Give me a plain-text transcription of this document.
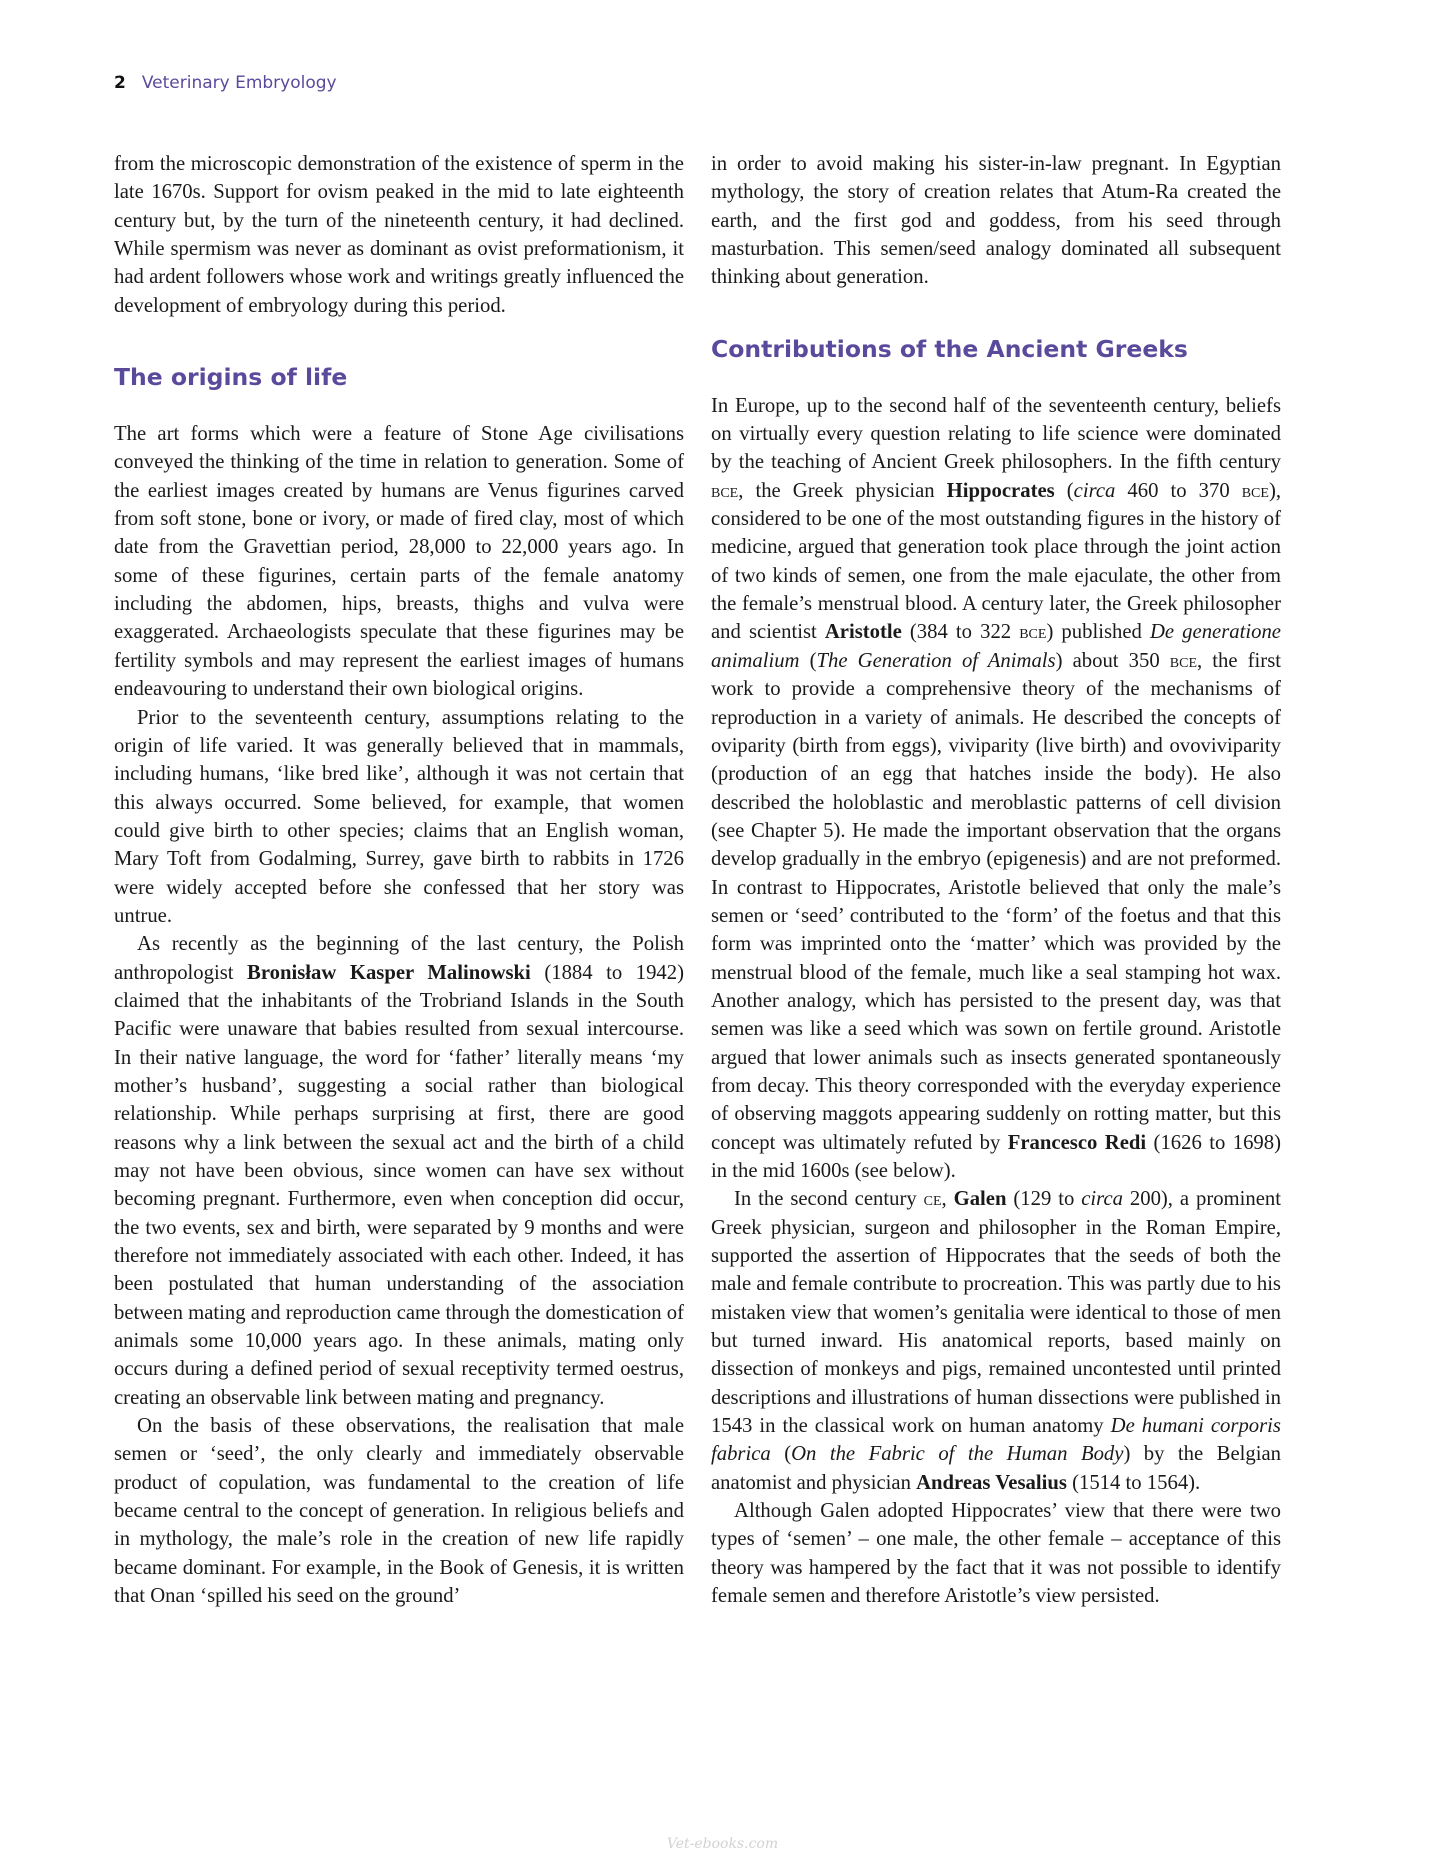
2 Veterinary Embryology

from the microscopic demonstration of the existence of sperm in the late 1670s. Support for ovism peaked in the mid to late eighteenth century but, by the turn of the nineteenth century, it had declined. While spermism was never as dominant as ovist preformationism, it had ardent followers whose work and writings greatly influenced the development of embryology during this period.

The origins of life

The art forms which were a feature of Stone Age civilisations conveyed the thinking of the time in relation to generation. Some of the earliest images created by humans are Venus figurines carved from soft stone, bone or ivory, or made of fired clay, most of which date from the Gravettian period, 28,000 to 22,000 years ago. In some of these figurines, certain parts of the female anatomy including the abdomen, hips, breasts, thighs and vulva were exaggerated. Archaeologists speculate that these figurines may be fertility symbols and may represent the earliest images of humans endeavouring to understand their own biological origins.

Prior to the seventeenth century, assumptions relating to the origin of life varied. It was generally believed that in mammals, including humans, ‘like bred like’, although it was not certain that this always occurred. Some believed, for example, that women could give birth to other species; claims that an English woman, Mary Toft from Godalming, Surrey, gave birth to rabbits in 1726 were widely accepted before she confessed that her story was untrue.

As recently as the beginning of the last century, the Polish anthropologist Bronisław Kasper Malinowski (1884 to 1942) claimed that the inhabitants of the Trobriand Islands in the South Pacific were unaware that babies resulted from sexual intercourse. In their native language, the word for ‘father’ literally means ‘my mother’s husband’, suggesting a social rather than biological relationship. While perhaps surprising at first, there are good reasons why a link between the sexual act and the birth of a child may not have been obvious, since women can have sex without becoming pregnant. Furthermore, even when conception did occur, the two events, sex and birth, were separated by 9 months and were therefore not immediately associated with each other. Indeed, it has been postulated that human understanding of the association between mating and reproduction came through the domestication of animals some 10,000 years ago. In these animals, mating only occurs during a defined period of sexual receptivity termed oestrus, creating an observable link between mating and pregnancy.

On the basis of these observations, the realisation that male semen or ‘seed’, the only clearly and immediately observable product of copulation, was fundamental to the creation of life became central to the concept of generation. In religious beliefs and in mythology, the male’s role in the creation of new life rapidly became dominant. For example, in the Book of Genesis, it is written that Onan ‘spilled his seed on the ground’

in order to avoid making his sister-in-law pregnant. In Egyptian mythology, the story of creation relates that Atum-Ra created the earth, and the first god and goddess, from his seed through masturbation. This semen/seed analogy dominated all subsequent thinking about generation.

Contributions of the Ancient Greeks

In Europe, up to the second half of the seventeenth century, beliefs on virtually every question relating to life science were dominated by the teaching of Ancient Greek philosophers. In the fifth century bce, the Greek physician Hippocrates (circa 460 to 370 bce), considered to be one of the most outstanding figures in the history of medicine, argued that generation took place through the joint action of two kinds of semen, one from the male ejaculate, the other from the female’s menstrual blood. A century later, the Greek philosopher and scientist Aristotle (384 to 322 bce) published De generatione animalium (The Generation of Animals) about 350 bce, the first work to provide a comprehensive theory of the mechanisms of reproduction in a variety of animals. He described the concepts of oviparity (birth from eggs), viviparity (live birth) and ovoviviparity (production of an egg that hatches inside the body). He also described the holoblastic and meroblastic patterns of cell division (see Chapter 5). He made the important observation that the organs develop gradually in the embryo (epigenesis) and are not preformed. In contrast to Hippocrates, Aristotle believed that only the male’s semen or ‘seed’ contributed to the ‘form’ of the foetus and that this form was imprinted onto the ‘matter’ which was provided by the menstrual blood of the female, much like a seal stamping hot wax. Another analogy, which has persisted to the present day, was that semen was like a seed which was sown on fertile ground. Aristotle argued that lower animals such as insects generated spontaneously from decay. This theory corresponded with the everyday experience of observing maggots appearing suddenly on rotting matter, but this concept was ultimately refuted by Francesco Redi (1626 to 1698) in the mid 1600s (see below).

In the second century ce, Galen (129 to circa 200), a prominent Greek physician, surgeon and philosopher in the Roman Empire, supported the assertion of Hippocrates that the seeds of both the male and female contribute to procreation. This was partly due to his mistaken view that women’s genitalia were identical to those of men but turned inward. His anatomical reports, based mainly on dissection of monkeys and pigs, remained uncontested until printed descriptions and illustrations of human dissections were published in 1543 in the classical work on human anatomy De humani corporis fabrica (On the Fabric of the Human Body) by the Belgian anatomist and physician Andreas Vesalius (1514 to 1564).

Although Galen adopted Hippocrates’ view that there were two types of ‘semen’ – one male, the other female – acceptance of this theory was hampered by the fact that it was not possible to identify female semen and therefore Aristotle’s view persisted.

Vet-ebooks.com
